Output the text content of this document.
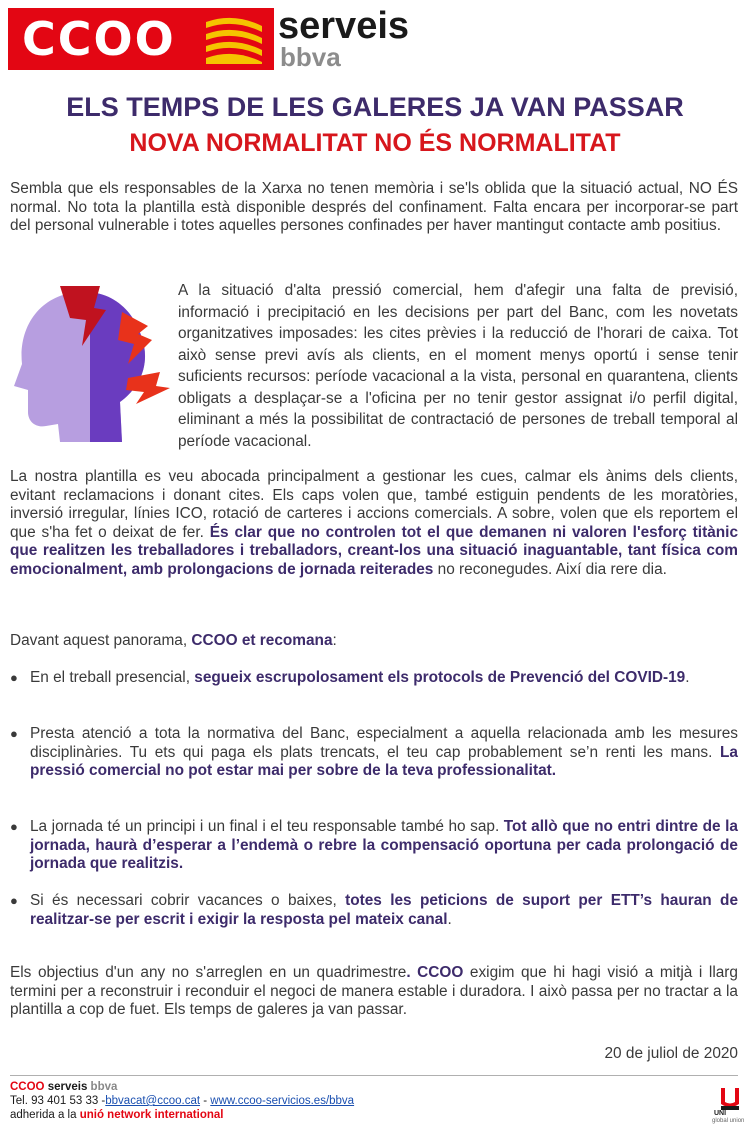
CCOO	serveis
bbva
ELS TEMPS DE LES GALERES JA VAN PASSAR
NOVA NORMALITAT NO ÉS NORMALITAT

Sembla que els responsables de la Xarxa no tenen memòria i se'ls oblida que la situació actual, NO ÉS normal. No tota la plantilla està disponible després del confinament. Falta encara per incorporar-se part del personal vulnerable i totes aquelles persones confinades per haver mantingut contacte amb positius.

A la situació d'alta pressió comercial, hem d'afegir una falta de previsió, informació i precipitació en les decisions per part del Banc, com les novetats organitzatives imposades: les cites prèvies i la reducció de l'horari de caixa. Tot això sense previ avís als clients, en el moment menys oportú i sense tenir suficients recursos: període vacacional a la vista, personal en quarantena, clients obligats a desplaçar-se a l'oficina per no tenir gestor assignat i/o perfil digital, eliminant a més la possibilitat de contractació de persones de treball temporal al període vacacional.

La nostra plantilla es veu abocada principalment a gestionar les cues, calmar els ànims dels clients, evitant reclamacions i donant cites. Els caps volen que, també estiguin pendents de les moratòries, inversió irregular, línies ICO, rotació de carteres i accions comercials. A sobre, volen que els reportem el que s'ha fet o deixat de fer. És clar que no controlen tot el que demanen ni valoren l'esforç titànic que realitzen les treballadores i treballadors, creant-los una situació inaguantable, tant física com emocionalment, amb prolongacions de jornada reiterades no reconegudes. Així dia rere dia.

Davant aquest panorama, CCOO et recomana:

● En el treball presencial, segueix escrupolosament els protocols de Prevenció del COVID-19.
● Presta atenció a tota la normativa del Banc, especialment a aquella relacionada amb les mesures disciplinàries. Tu ets qui paga els plats trencats, el teu cap probablement se’n renti les mans. La pressió comercial no pot estar mai per sobre de la teva professionalitat.
● La jornada té un principi i un final i el teu responsable també ho sap. Tot allò que no entri dintre de la jornada, haurà d’esperar a l’endemà o rebre la compensació oportuna per cada prolongació de jornada que realitzis.
● Si és necessari cobrir vacances o baixes, totes les peticions de suport per ETT’s hauran de realitzar-se per escrit i exigir la resposta pel mateix canal.

Els objectius d'un any no s'arreglen en un quadrimestre. CCOO exigim que hi hagi visió a mitjà i llarg termini per a reconstruir i reconduir el negoci de manera estable i duradora. I això passa per no tractar a la plantilla a cop de fuet. Els temps de galeres ja van passar.

20 de juliol de 2020
CCOO serveis bbva
Tel. 93 401 53 33 -bbvacat@ccoo.cat - www.ccoo-servicios.es/bbva
adherida a la unió network international	UNI
global union
